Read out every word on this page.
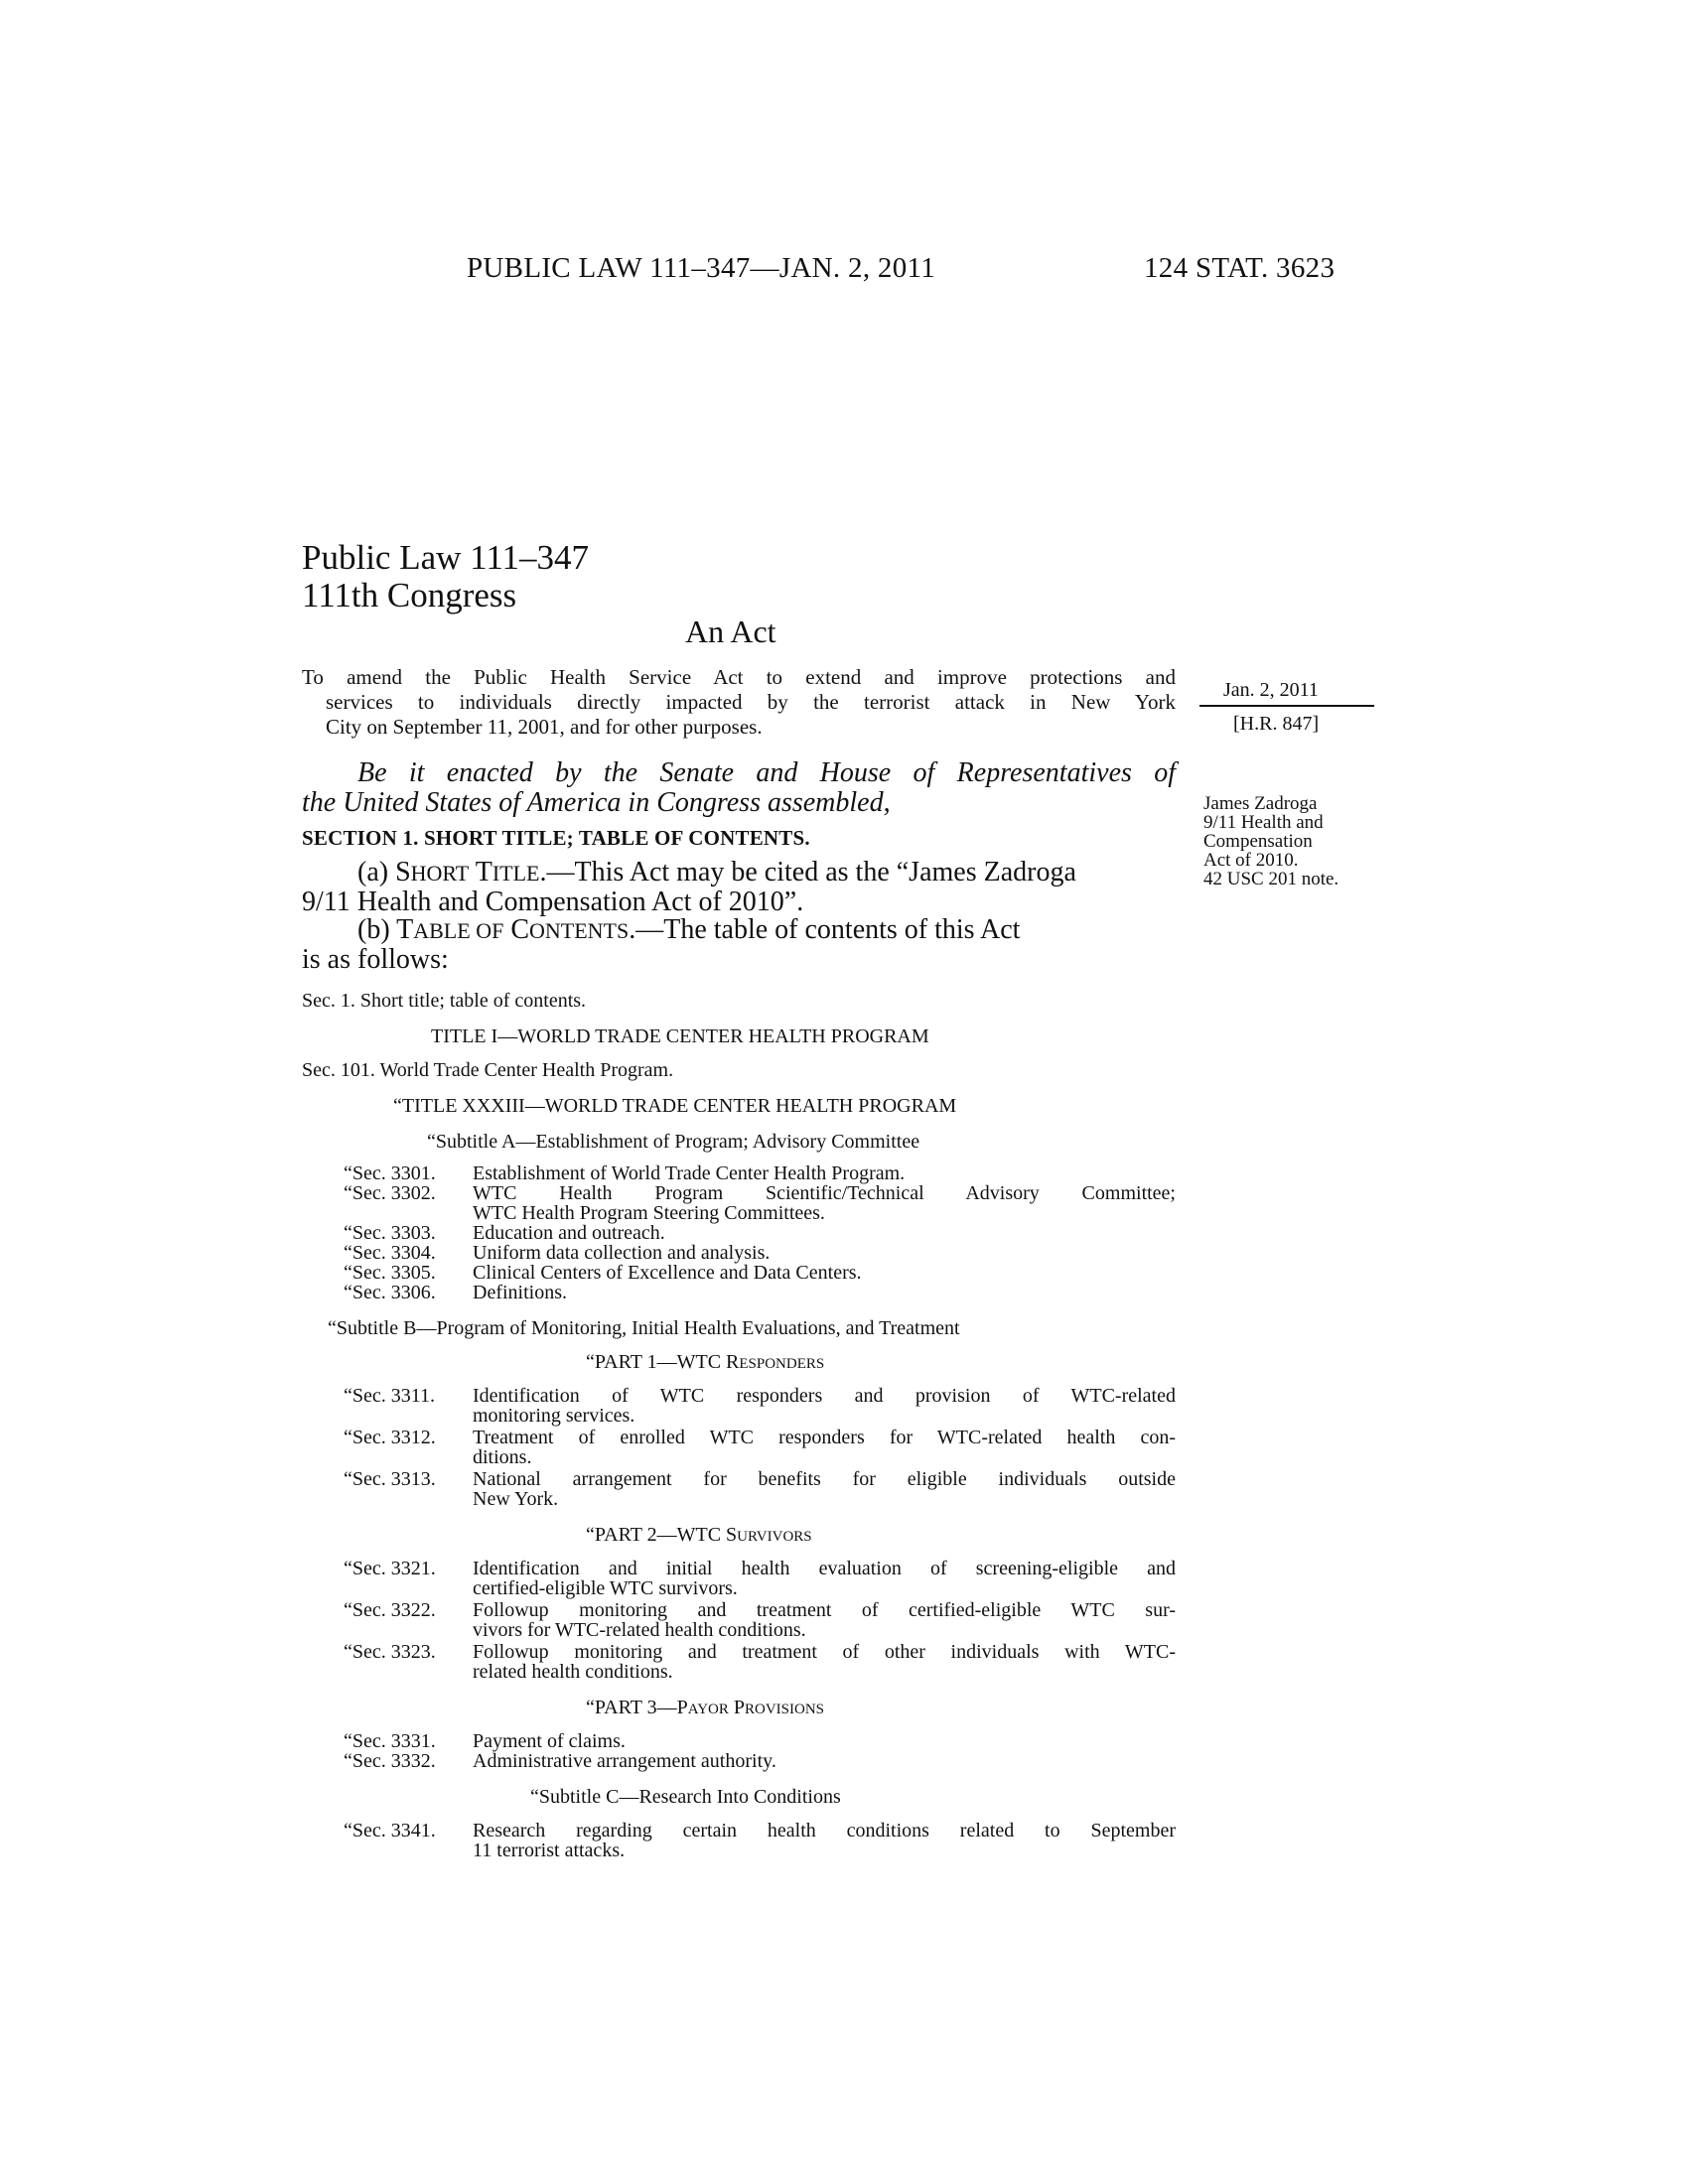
PUBLIC LAW 111–347—JAN. 2, 2011	124 STAT. 3623
Public Law 111–347
111th Congress
An Act
To amend the Public Health Service Act to extend and improve protections and
services to individuals directly impacted by the terrorist attack in New York
City on September 11, 2001, and for other purposes.
Jan. 2, 2011
[H.R. 847]
Be it enacted by the Senate and House of Representatives of
the United States of America in Congress assembled,	James Zadroga
9/11 Health and
Compensation
Act of 2010.
42 USC 201 note.
SECTION 1. SHORT TITLE; TABLE OF CONTENTS.
(a) SHORT TITLE.—This Act may be cited as the “James Zadroga
9/11 Health and Compensation Act of 2010”.
(b) TABLE OF CONTENTS.—The table of contents of this Act
is as follows:
Sec. 1. Short title; table of contents.
TITLE I—WORLD TRADE CENTER HEALTH PROGRAM
Sec. 101. World Trade Center Health Program.
“TITLE XXXIII—WORLD TRADE CENTER HEALTH PROGRAM
“Subtitle A—Establishment of Program; Advisory Committee
“Sec. 3301. Establishment of World Trade Center Health Program.
“Sec. 3302. WTC Health Program Scientific/Technical Advisory Committee;
WTC Health Program Steering Committees.
“Sec. 3303. Education and outreach.
“Sec. 3304. Uniform data collection and analysis.
“Sec. 3305. Clinical Centers of Excellence and Data Centers.
“Sec. 3306. Definitions.
“Subtitle B—Program of Monitoring, Initial Health Evaluations, and Treatment
“PART 1—WTC RESPONDERS
“Sec. 3311. Identification of WTC responders and provision of WTC-related
monitoring services.
“Sec. 3312. Treatment of enrolled WTC responders for WTC-related health con-
ditions.
“Sec. 3313. National arrangement for benefits for eligible individuals outside
New York.
“PART 2—WTC SURVIVORS
“Sec. 3321. Identification and initial health evaluation of screening-eligible and
certified-eligible WTC survivors.
“Sec. 3322. Followup monitoring and treatment of certified-eligible WTC sur-
vivors for WTC-related health conditions.
“Sec. 3323. Followup monitoring and treatment of other individuals with WTC-
related health conditions.
“PART 3—PAYOR PROVISIONS
“Sec. 3331. Payment of claims.
“Sec. 3332. Administrative arrangement authority.
“Subtitle C—Research Into Conditions
“Sec. 3341. Research regarding certain health conditions related to September
11 terrorist attacks.
